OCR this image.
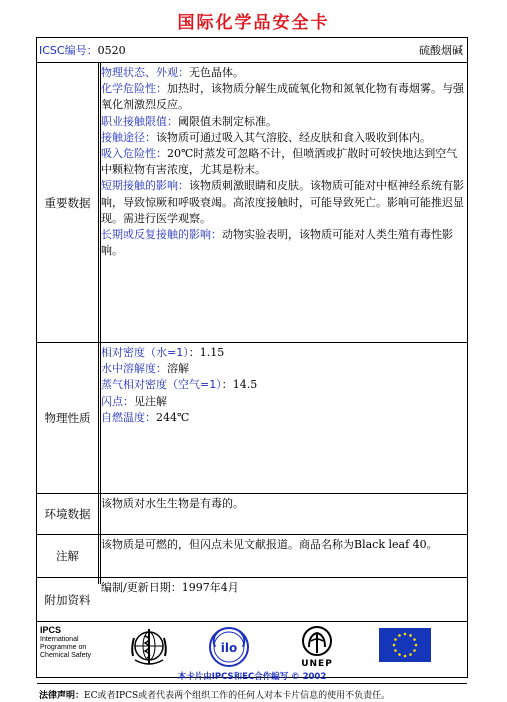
国际化学品安全卡
ICSC编号：0520	硫酸烟碱
重要数据
物理状态、外观：无色晶体。
化学危险性：加热时，该物质分解生成硫氧化物和氮氧化物有毒烟雾。与强氧化剂激烈反应。
职业接触限值：阈限值未制定标准。
接触途径：该物质可通过吸入其气溶胶、经皮肤和食入吸收到体内。
吸入危险性：20℃时蒸发可忽略不计，但喷洒或扩散时可较快地达到空气中颗粒物有害浓度，尤其是粉末。
短期接触的影响：该物质刺激眼睛和皮肤。该物质可能对中枢神经系统有影响，导致惊厥和呼吸衰竭。高浓度接触时，可能导致死亡。影响可能推迟显现。需进行医学观察。
长期或反复接触的影响：动物实验表明，该物质可能对人类生殖有毒性影响。
物理性质
相对密度（水=1）：1.15
水中溶解度：溶解
蒸气相对密度（空气=1）：14.5
闪点：见注解
自燃温度：244℃
环境数据
该物质对水生生物是有毒的。
注解
该物质是可燃的，但闪点未见文献报道。商品名称为Black leaf 40。
附加资料
编制/更新日期：1997年4月
IPCS
International
Programme on
Chemical Safety
ilo
UNEP
本卡片由IPCS和EC合作编写 © 2002
法律声明：EC或者IPCS或者代表两个组织工作的任何人对本卡片信息的使用不负责任。
